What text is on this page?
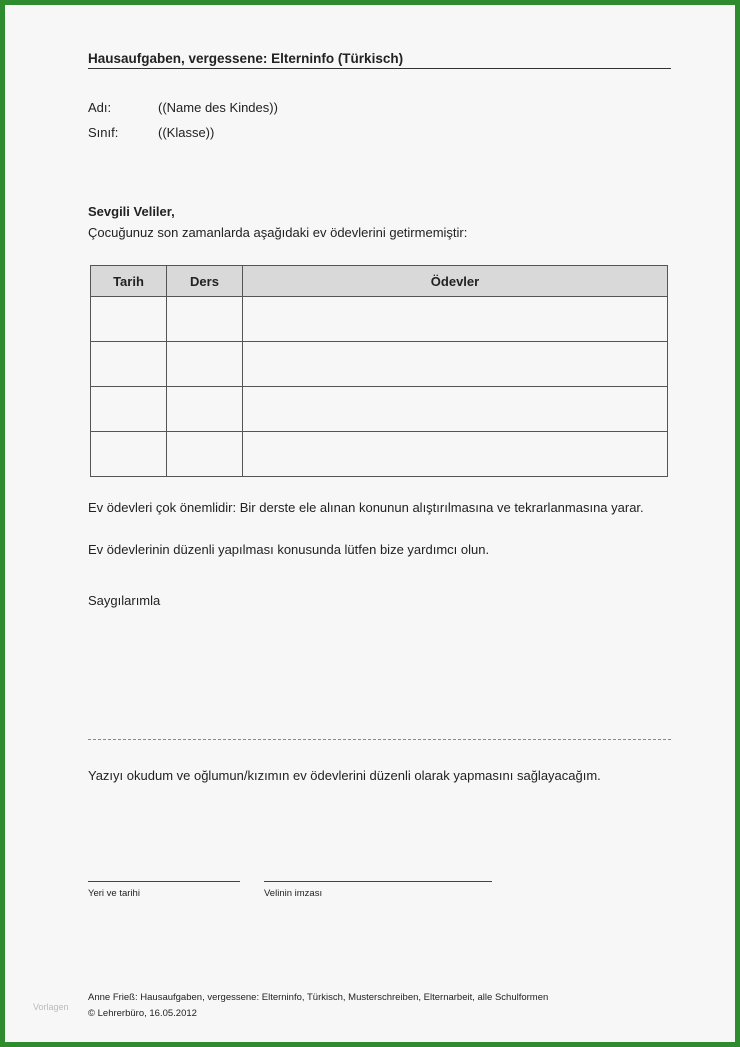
Hausaufgaben, vergessene: Elterninfo (Türkisch)
Adı:	((Name des Kindes))
Sınıf:	((Klasse))
Sevgili Veliler,
Çocuğunuz son zamanlarda aşağıdaki ev ödevlerini getirmemiştir:
Tarih	Ders	Ödevler

Ev ödevleri çok önemlidir: Bir derste ele alınan konunun alıştırılmasına ve tekrarlanmasına yarar.
Ev ödevlerinin düzenli yapılması konusunda lütfen bize yardımcı olun.
Saygılarımla
Yazıyı okudum ve oğlumun/kızımın ev ödevlerini düzenli olarak yapmasını sağlayacağım.
Yeri ve tarihi	Velinin imzası
Anne Frieß: Hausaufgaben, vergessene: Elterninfo, Türkisch, Musterschreiben, Elternarbeit, alle Schulformen
© Lehrerbüro, 16.05.2012
Vorlagen
